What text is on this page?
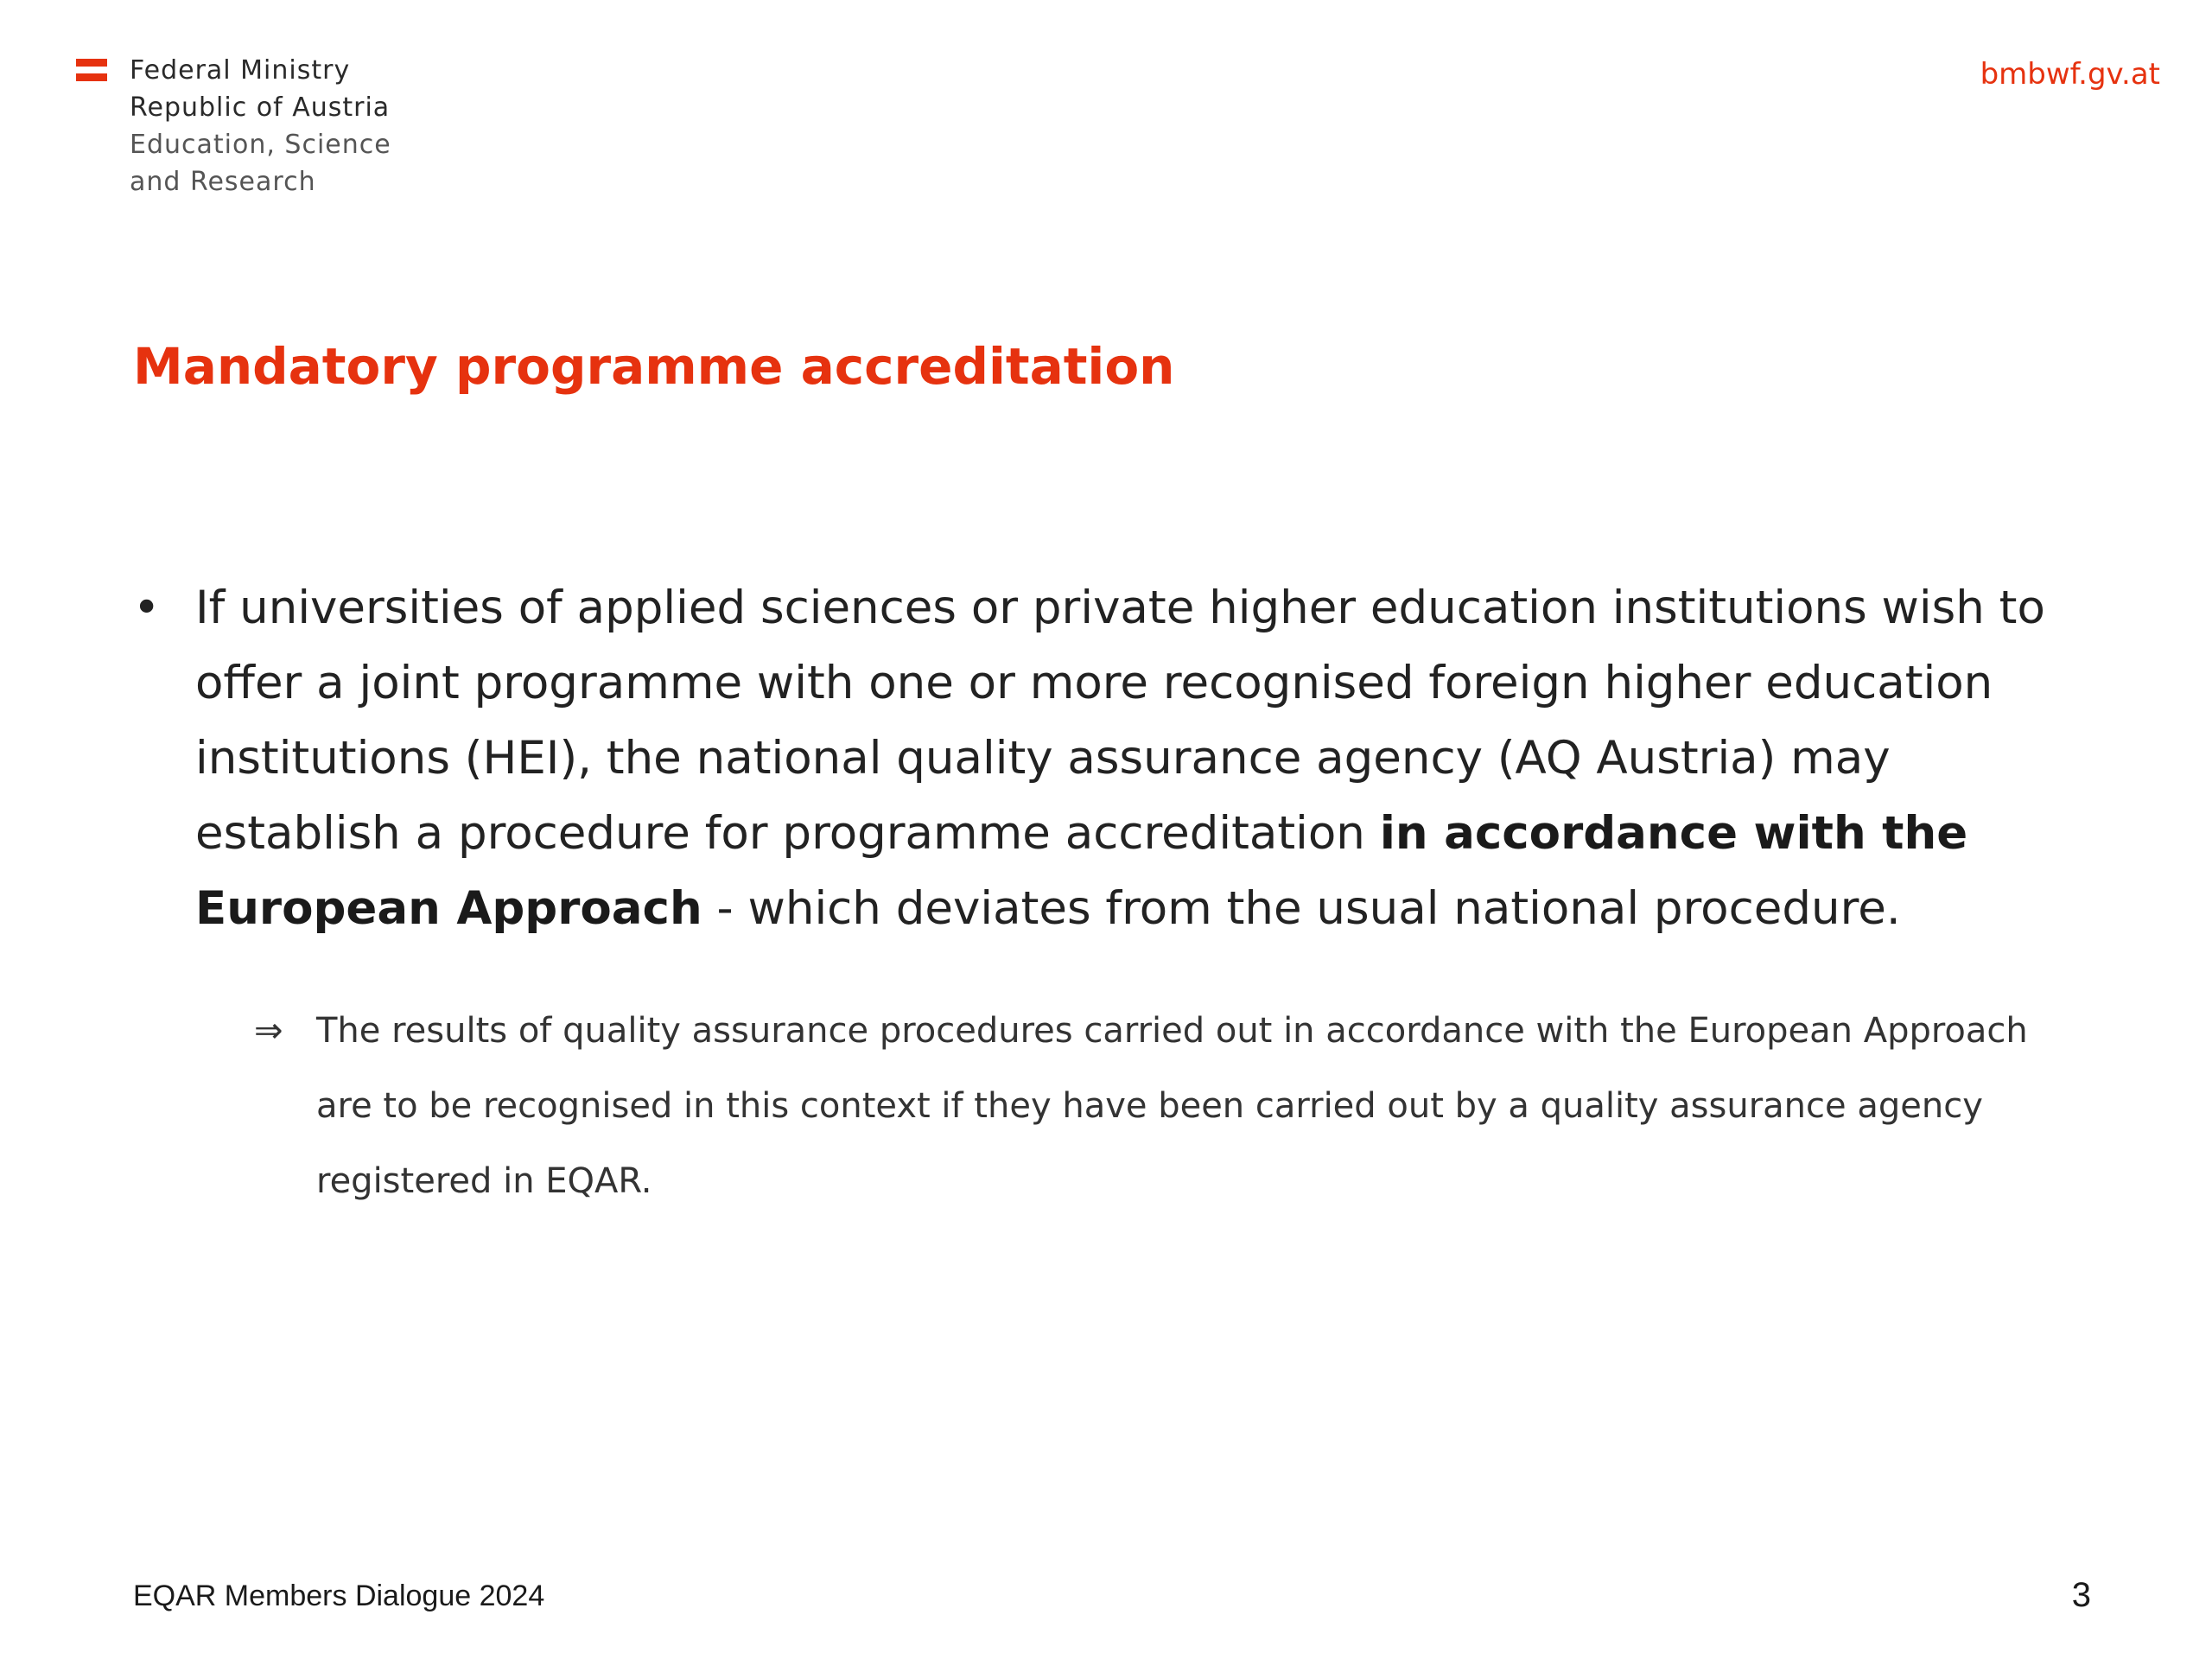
Federal Ministry
Republic of Austria
Education, Science
and Research
bmbwf.gv.at
Mandatory programme accreditation
• If universities of applied sciences or private higher education institutions wish to offer a joint programme with one or more recognised foreign higher education institutions (HEI), the national quality assurance agency (AQ Austria) may establish a procedure for programme accreditation in accordance with the European Approach - which deviates from the usual national procedure.
⇒ The results of quality assurance procedures carried out in accordance with the European Approach are to be recognised in this context if they have been carried out by a quality assurance agency registered in EQAR.
EQAR Members Dialogue 2024	3
